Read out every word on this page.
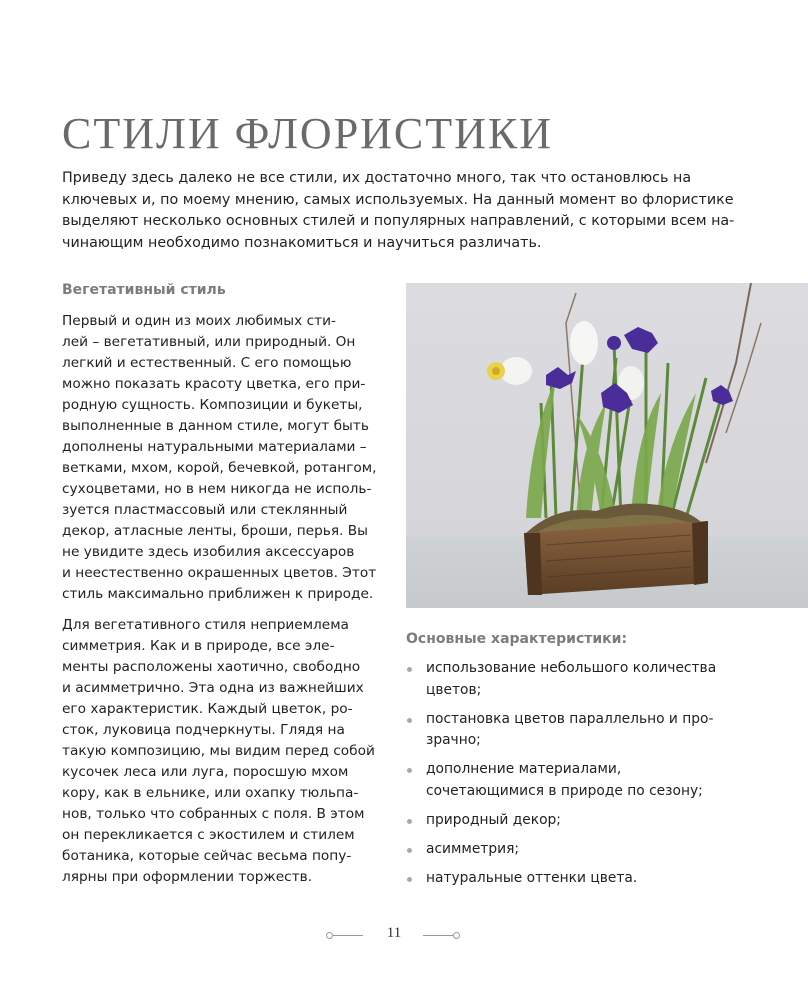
СТИЛИ ФЛОРИСТИКИ

Приведу здесь далеко не все стили, их достаточно много, так что остановлюсь на
ключевых и, по моему мнению, самых используемых. На данный момент во флористике
выделяют несколько основных стилей и популярных направлений, с которыми всем на-
чинающим необходимо познакомиться и научиться различать.

Вегетативный стиль

Первый и один из моих любимых сти-
лей – вегетативный, или природный. Он
легкий и естественный. С его помощью
можно показать красоту цветка, его при-
родную сущность. Композиции и букеты,
выполненные в данном стиле, могут быть
дополнены натуральными материалами –
ветками, мхом, корой, бечевкой, ротангом,
сухоцветами, но в нем никогда не исполь-
зуется пластмассовый или стеклянный
декор, атласные ленты, броши, перья. Вы
не увидите здесь изобилия аксессуаров
и неестественно окрашенных цветов. Этот
стиль максимально приближен к природе.

Для вегетативного стиля неприемлема
симметрия. Как и в природе, все эле-
менты расположены хаотично, свободно
и асимметрично. Эта одна из важнейших
его характеристик. Каждый цветок, ро-
сток, луковица подчеркнуты. Глядя на
такую композицию, мы видим перед собой
кусочек леса или луга, поросшую мхом
кору, как в ельнике, или охапку тюльпа-
нов, только что собранных с поля. В этом
он перекликается с экостилем и стилем
ботаника, которые сейчас весьма попу-
лярны при оформлении торжеств.

Основные характеристики:
использование небольшого количества
цветов;
постановка цветов параллельно и про-
зрачно;
дополнение материалами,
сочетающимися в природе по сезону;
природный декор;
асимметрия;
натуральные оттенки цвета.
11
